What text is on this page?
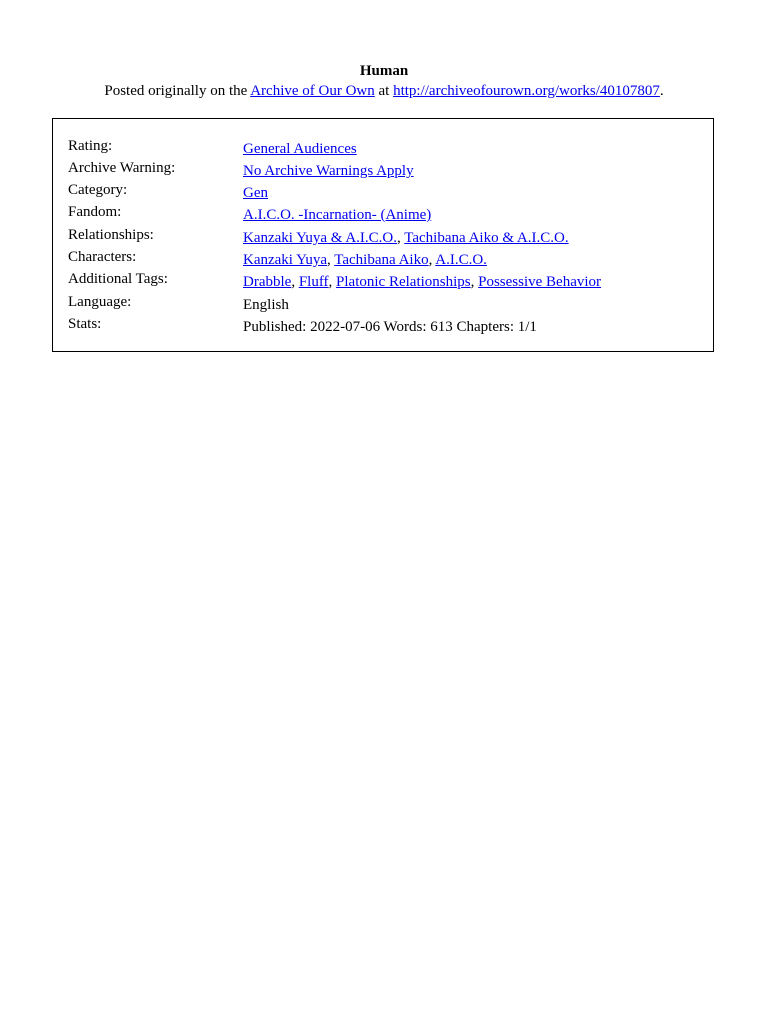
Human
Posted originally on the Archive of Our Own at http://archiveofourown.org/works/40107807.
Rating:	General Audiences
Archive Warning:	No Archive Warnings Apply
Category:	Gen
Fandom:	A.I.C.O. -Incarnation- (Anime)
Relationships:	Kanzaki Yuya & A.I.C.O., Tachibana Aiko & A.I.C.O.
Characters:	Kanzaki Yuya, Tachibana Aiko, A.I.C.O.
Additional Tags:	Drabble, Fluff, Platonic Relationships, Possessive Behavior
Language:	English
Stats:	Published: 2022-07-06 Words: 613 Chapters: 1/1
